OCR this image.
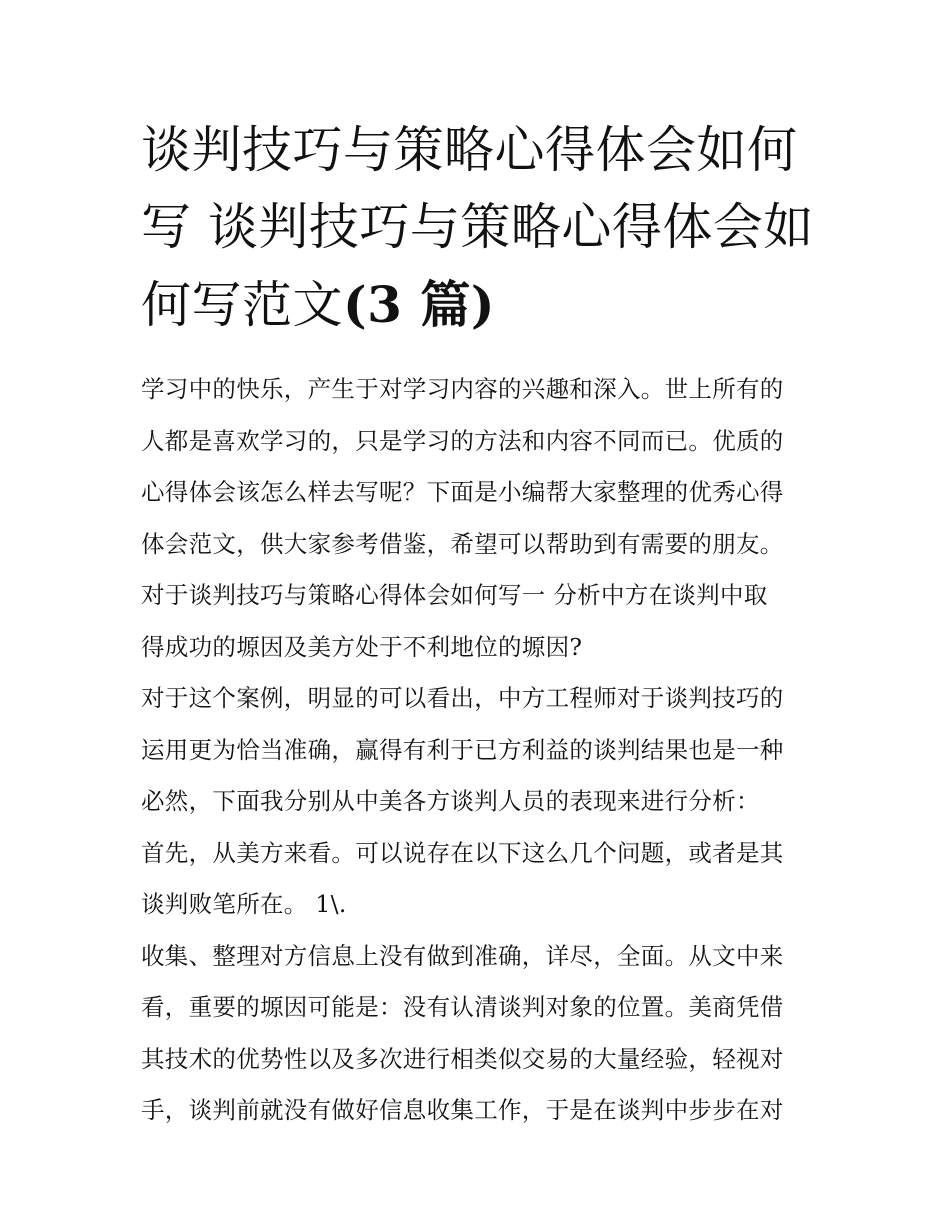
谈判技巧与策略心得体会如何
写 谈判技巧与策略心得体会如
何写范文(3 篇)

学习中的快乐，产生于对学习内容的兴趣和深入。世上所有的

人都是喜欢学习的，只是学习的方法和内容不同而已。优质的

心得体会该怎么样去写呢？下面是小编帮大家整理的优秀心得

体会范文，供大家参考借鉴，希望可以帮助到有需要的朋友。

对于谈判技巧与策略心得体会如何写一 分析中方在谈判中取

得成功的塬因及美方处于不利地位的塬因?

对于这个案例，明显的可以看出，中方工程师对于谈判技巧的

运用更为恰当准确，赢得有利于已方利益的谈判结果也是一种

必然，下面我分别从中美各方谈判人员的表现来进行分析：

首先，从美方来看。可以说存在以下这么几个问题，或者是其

谈判败笔所在。 1\.

收集、整理对方信息上没有做到准确，详尽，全面。从文中来

看，重要的塬因可能是：没有认清谈判对象的位置。美商凭借

其技术的优势性以及多次进行相类似交易的大量经验，轻视对

手，谈判前就没有做好信息收集工作，于是在谈判中步步在对
